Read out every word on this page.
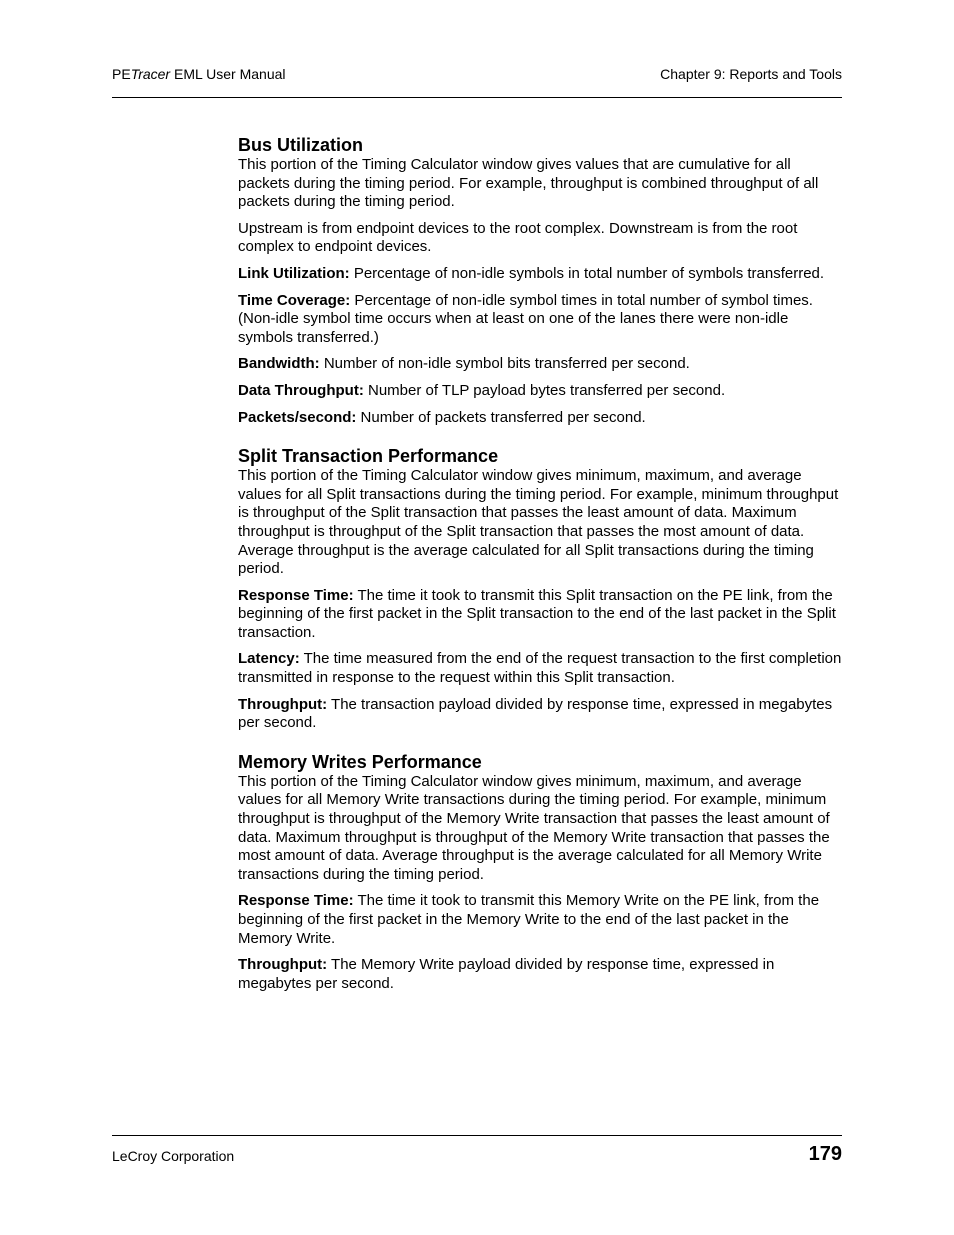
PETracer EML User Manual	Chapter 9: Reports and Tools
Bus Utilization

This portion of the Timing Calculator window gives values that are cumulative for all packets during the timing period. For example, throughput is combined throughput of all packets during the timing period.

Upstream is from endpoint devices to the root complex. Downstream is from the root complex to endpoint devices.

Link Utilization: Percentage of non-idle symbols in total number of symbols transferred.

Time Coverage: Percentage of non-idle symbol times in total number of symbol times. (Non-idle symbol time occurs when at least on one of the lanes there were non-idle symbols transferred.)

Bandwidth: Number of non-idle symbol bits transferred per second.

Data Throughput: Number of TLP payload bytes transferred per second.

Packets/second: Number of packets transferred per second.

Split Transaction Performance

This portion of the Timing Calculator window gives minimum, maximum, and average values for all Split transactions during the timing period. For example, minimum throughput is throughput of the Split transaction that passes the least amount of data. Maximum throughput is throughput of the Split transaction that passes the most amount of data. Average throughput is the average calculated for all Split transactions during the timing period.

Response Time: The time it took to transmit this Split transaction on the PE link, from the beginning of the first packet in the Split transaction to the end of the last packet in the Split transaction.

Latency: The time measured from the end of the request transaction to the first completion transmitted in response to the request within this Split transaction.

Throughput: The transaction payload divided by response time, expressed in megabytes per second.

Memory Writes Performance

This portion of the Timing Calculator window gives minimum, maximum, and average values for all Memory Write transactions during the timing period. For example, minimum throughput is throughput of the Memory Write transaction that passes the least amount of data. Maximum throughput is throughput of the Memory Write transaction that passes the most amount of data. Average throughput is the average calculated for all Memory Write transactions during the timing period.

Response Time: The time it took to transmit this Memory Write on the PE link, from the beginning of the first packet in the Memory Write to the end of the last packet in the Memory Write.

Throughput: The Memory Write payload divided by response time, expressed in megabytes per second.

LeCroy Corporation	179
